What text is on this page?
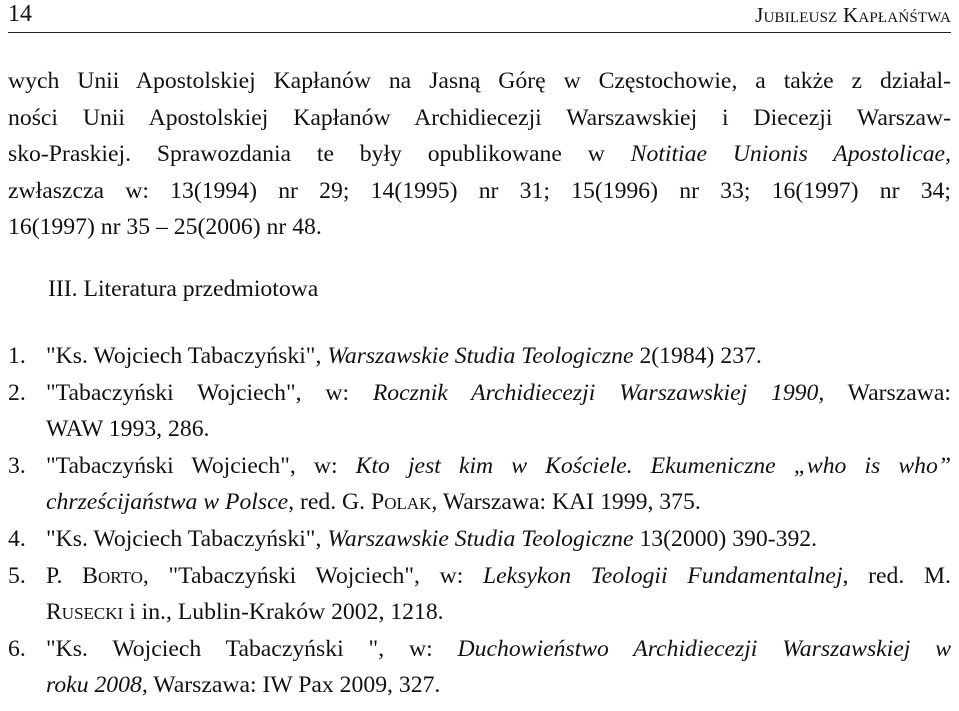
14	Jubileusz Kapłańśtwa
wych Unii Apostolskiej Kapłanów na Jasną Górę w Częstochowie, a także z działal-
ności Unii Apostolskiej Kapłanów Archidiecezji Warszawskiej i Diecezji Warszaw-
sko-Praskiej. Sprawozdania te były opublikowane w Notitiae Unionis Apostolicae,
zwłaszcza w: 13(1994) nr 29; 14(1995) nr 31; 15(1996) nr 33; 16(1997) nr 34;
16(1997) nr 35 – 25(2006) nr 48.
III. Literatura przedmiotowa
1. "Ks. Wojciech Tabaczyński", Warszawskie Studia Teologiczne 2(1984) 237.
2. "Tabaczyński Wojciech", w: Rocznik Archidiecezji Warszawskiej 1990, Warszawa:
WAW 1993, 286.
3. "Tabaczyński Wojciech", w: Kto jest kim w Kościele. Ekumeniczne „who is who”
chrześcijaństwa w Polsce, red. G. Polak, Warszawa: KAI 1999, 375.
4. "Ks. Wojciech Tabaczyński", Warszawskie Studia Teologiczne 13(2000) 390-392.
5. P. Borto, "Tabaczyński Wojciech", w: Leksykon Teologii Fundamentalnej, red. M.
Rusecki i in., Lublin-Kraków 2002, 1218.
6. "Ks. Wojciech Tabaczyński ", w: Duchowieństwo Archidiecezji Warszawskiej w
roku 2008, Warszawa: IW Pax 2009, 327.
